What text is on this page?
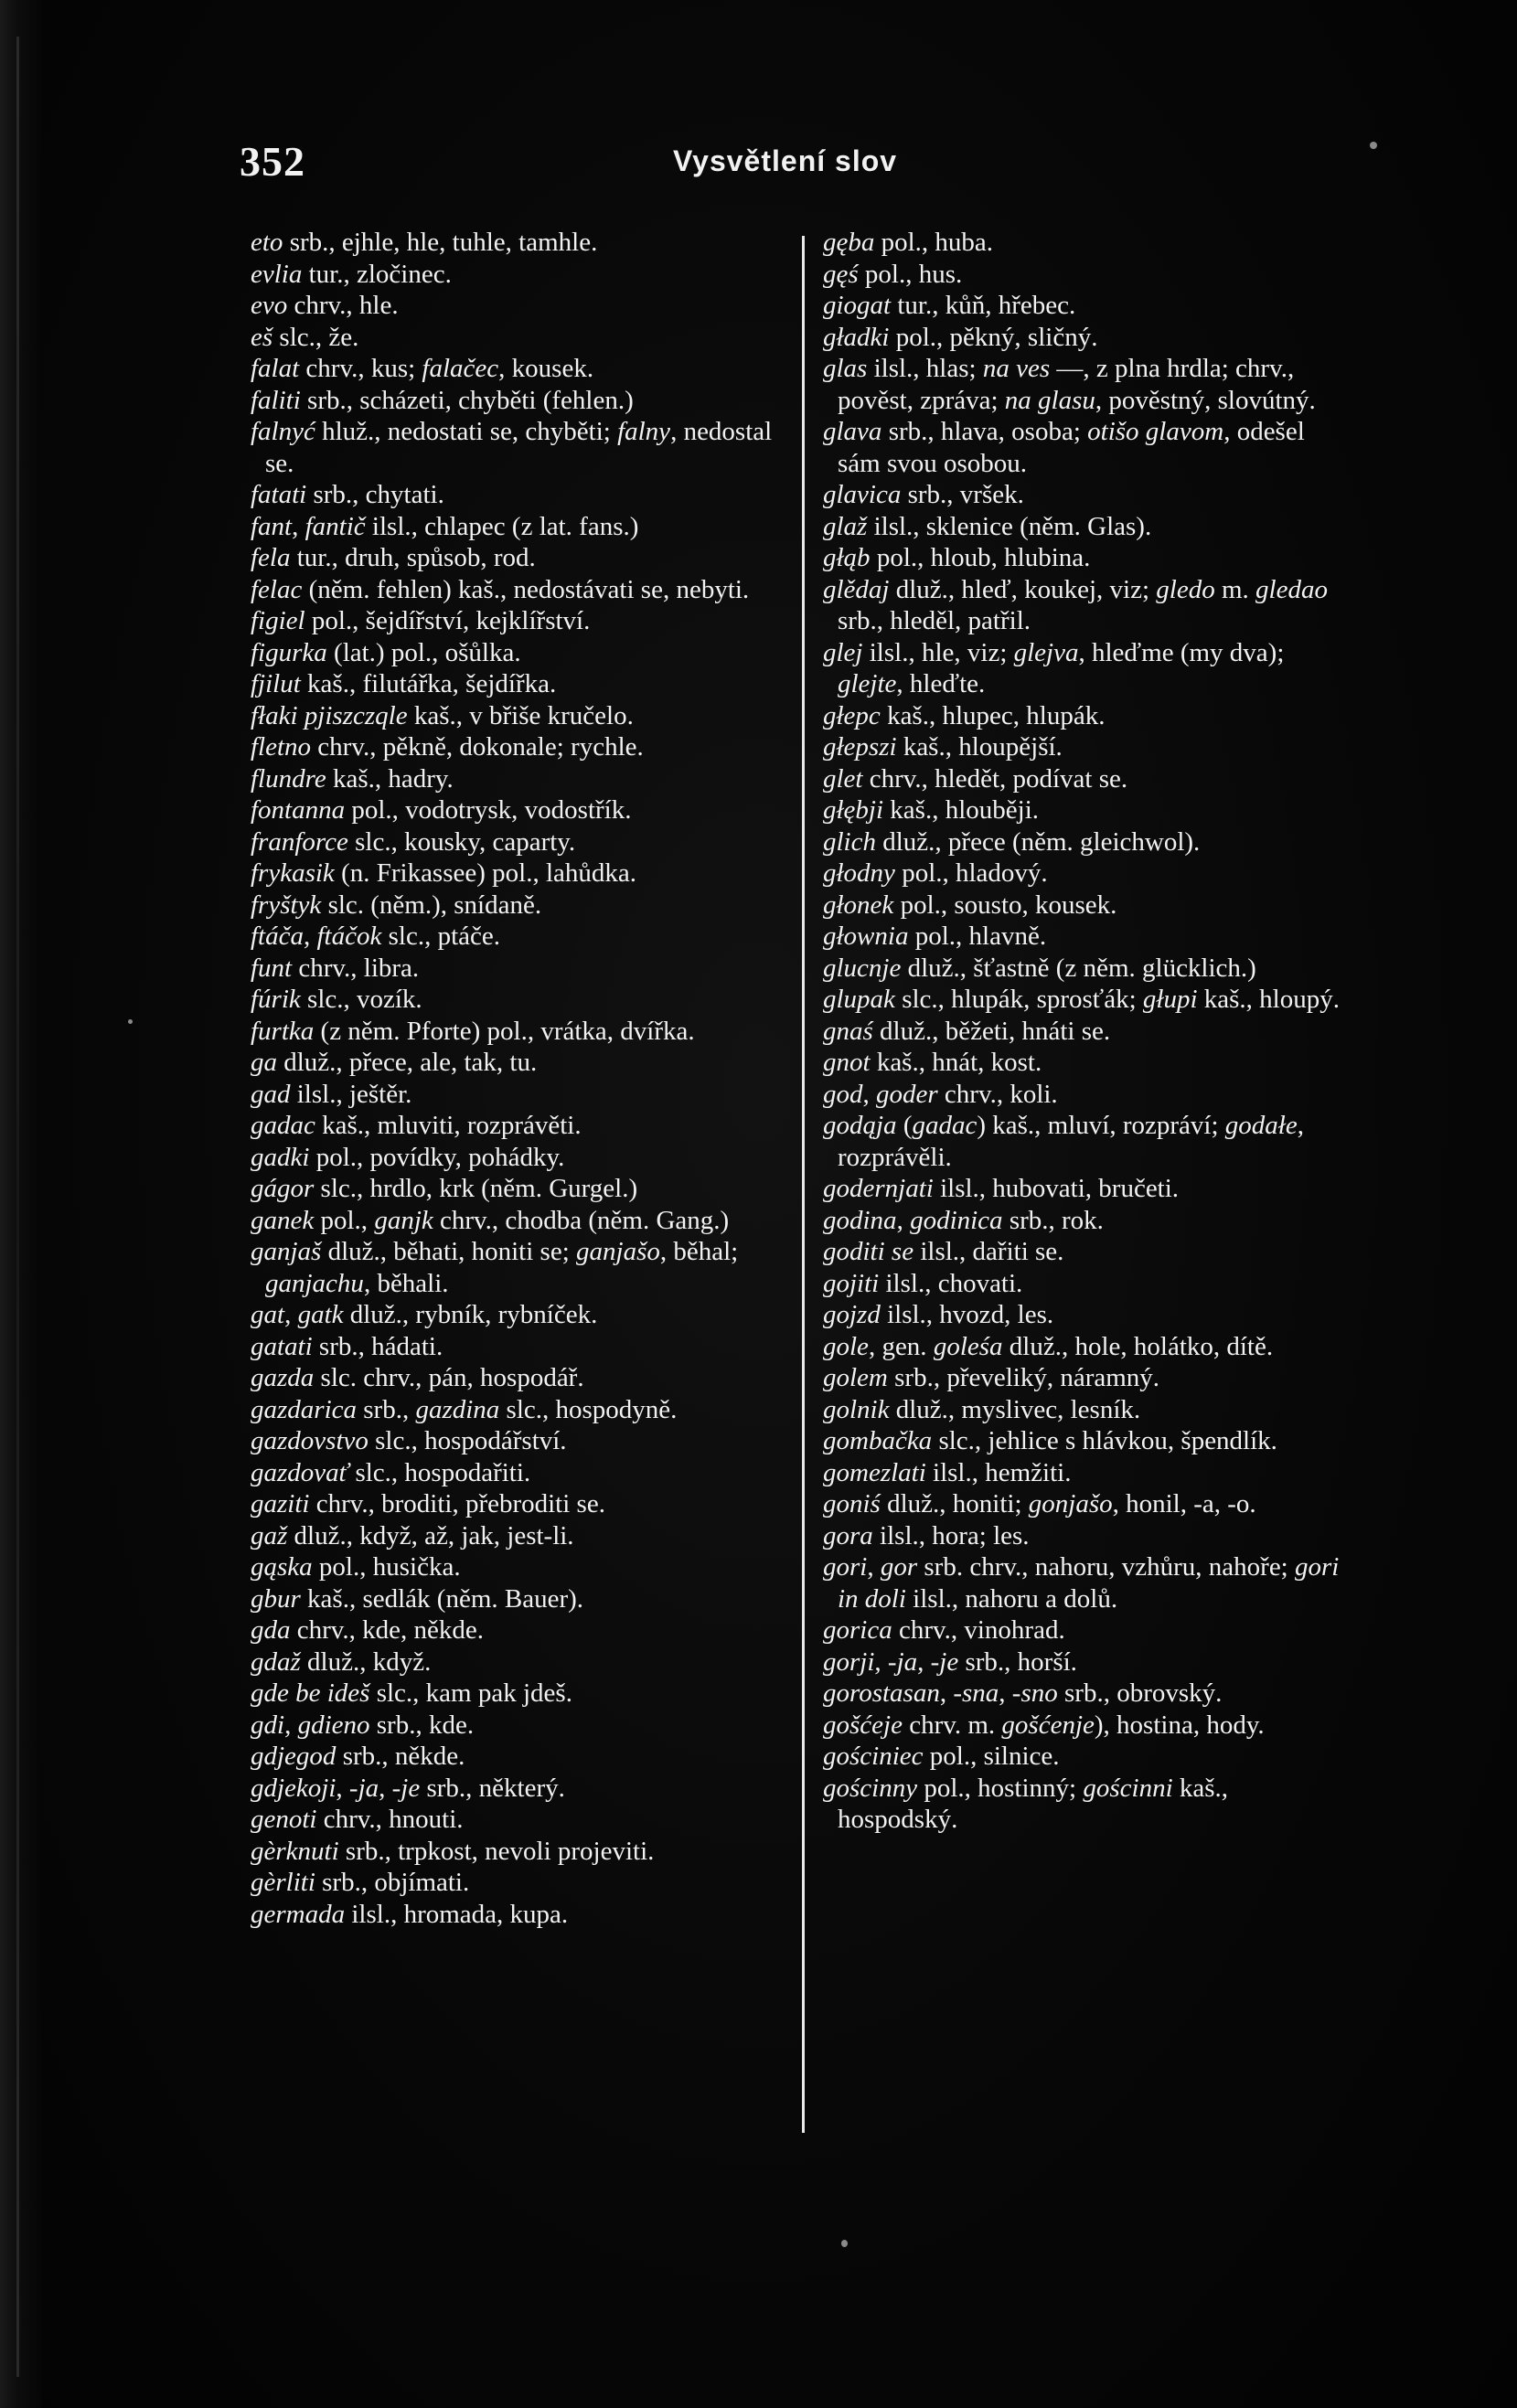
352	Vysvětlení slov
eto srb., ejhle, hle, tuhle, tamhle.
evlia tur., zločinec.
evo chrv., hle.
eš slc., že.
falat chrv., kus; falačec, kousek.
faliti srb., scházeti, chyběti (fehlen.)
falnyć hluž., nedostati se, chyběti; falny, nedostal se.
fatati srb., chytati.
fant, fantič ilsl., chlapec (z lat. fans.)
fela tur., druh, spůsob, rod.
felac (něm. fehlen) kaš., nedostávati se, nebyti.
figiel pol., šejdířství, kejklířství.
figurka (lat.) pol., ošůlka.
fjilut kaš., filutářka, šejdířka.
fłaki pjiszczqle kaš., v břiše kručelo.
fletno chrv., pěkně, dokonale; rychle.
flundre kaš., hadry.
fontanna pol., vodotrysk, vodostřík.
franforce slc., kousky, caparty.
frykasik (n. Frikassee) pol., lahůdka.
fryštyk slc. (něm.), snídaně.
ftáča, ftáčok slc., ptáče.
funt chrv., libra.
fúrik slc., vozík.
furtka (z něm. Pforte) pol., vrátka, dvířka.
ga dluž., přece, ale, tak, tu.
gad ilsl., ještěr.
gadac kaš., mluviti, rozprávěti.
gadki pol., povídky, pohádky.
gágor slc., hrdlo, krk (něm. Gurgel.)
ganek pol., ganjk chrv., chodba (něm. Gang.)
ganjaš dluž., běhati, honiti se; ganjašo, běhal; ganjachu, běhali.
gat, gatk dluž., rybník, rybníček.
gatati srb., hádati.
gazda slc. chrv., pán, hospodář.
gazdarica srb., gazdina slc., hospodyně.
gazdovstvo slc., hospodářství.
gazdovať slc., hospodařiti.
gaziti chrv., broditi, přebroditi se.
gaž dluž., když, až, jak, jest-li.
gąska pol., husička.
gbur kaš., sedlák (něm. Bauer).
gda chrv., kde, někde.
gdaž dluž., když.
gde be ideš slc., kam pak jdeš.
gdi, gdieno srb., kde.
gdjegod srb., někde.
gdjekoji, -ja, -je srb., některý.
genoti chrv., hnouti.
gèrknuti srb., trpkost, nevoli projeviti.
gèrliti srb., objímati.
germada ilsl., hromada, kupa.
gęba pol., huba.
gęś pol., hus.
giogat tur., kůň, hřebec.
gładki pol., pěkný, sličný.
glas ilsl., hlas; na ves —, z plna hrdla; chrv., pověst, zpráva; na glasu, pověstný, slovútný.
glava srb., hlava, osoba; otišo glavom, odešel sám svou osobou.
glavica srb., vršek.
glaž ilsl., sklenice (něm. Glas).
głąb pol., hloub, hlubina.
glědaj dluž., hleď, koukej, viz; gledo m. gledao srb., hleděl, patřil.
glej ilsl., hle, viz; glejva, hleďme (my dva); glejte, hleďte.
głepc kaš., hlupec, hlupák.
głepszi kaš., hloupější.
glet chrv., hledět, podívat se.
głębji kaš., hlouběji.
glich dluž., přece (něm. gleichwol).
głodny pol., hladový.
głonek pol., sousto, kousek.
głownia pol., hlavně.
glucnje dluž., šťastně (z něm. glücklich.)
glupak slc., hlupák, sprosťák; głupi kaš., hloupý.
gnaś dluž., běžeti, hnáti se.
gnot kaš., hnát, kost.
god, goder chrv., koli.
godąja (gadac) kaš., mluví, rozpráví; godałe, rozprávěli.
godernjati ilsl., hubovati, bručeti.
godina, godinica srb., rok.
goditi se ilsl., dařiti se.
gojiti ilsl., chovati.
gojzd ilsl., hvozd, les.
gole, gen. goleśa dluž., hole, holátko, dítě.
golem srb., převeliký, náramný.
golnik dluž., myslivec, lesník.
gombačka slc., jehlice s hlávkou, špendlík.
gomezlati ilsl., hemžiti.
goniś dluž., honiti; gonjašo, honil, -a, -o.
gora ilsl., hora; les.
gori, gor srb. chrv., nahoru, vzhůru, nahoře; gori in doli ilsl., nahoru a dolů.
gorica chrv., vinohrad.
gorji, -ja, -je srb., horší.
gorostasan, -sna, -sno srb., obrovský.
gošćeje chrv. m. gošćenje), hostina, hody.
gościniec pol., silnice.
gościnny pol., hostinný; gościnni kaš., hospodský.
